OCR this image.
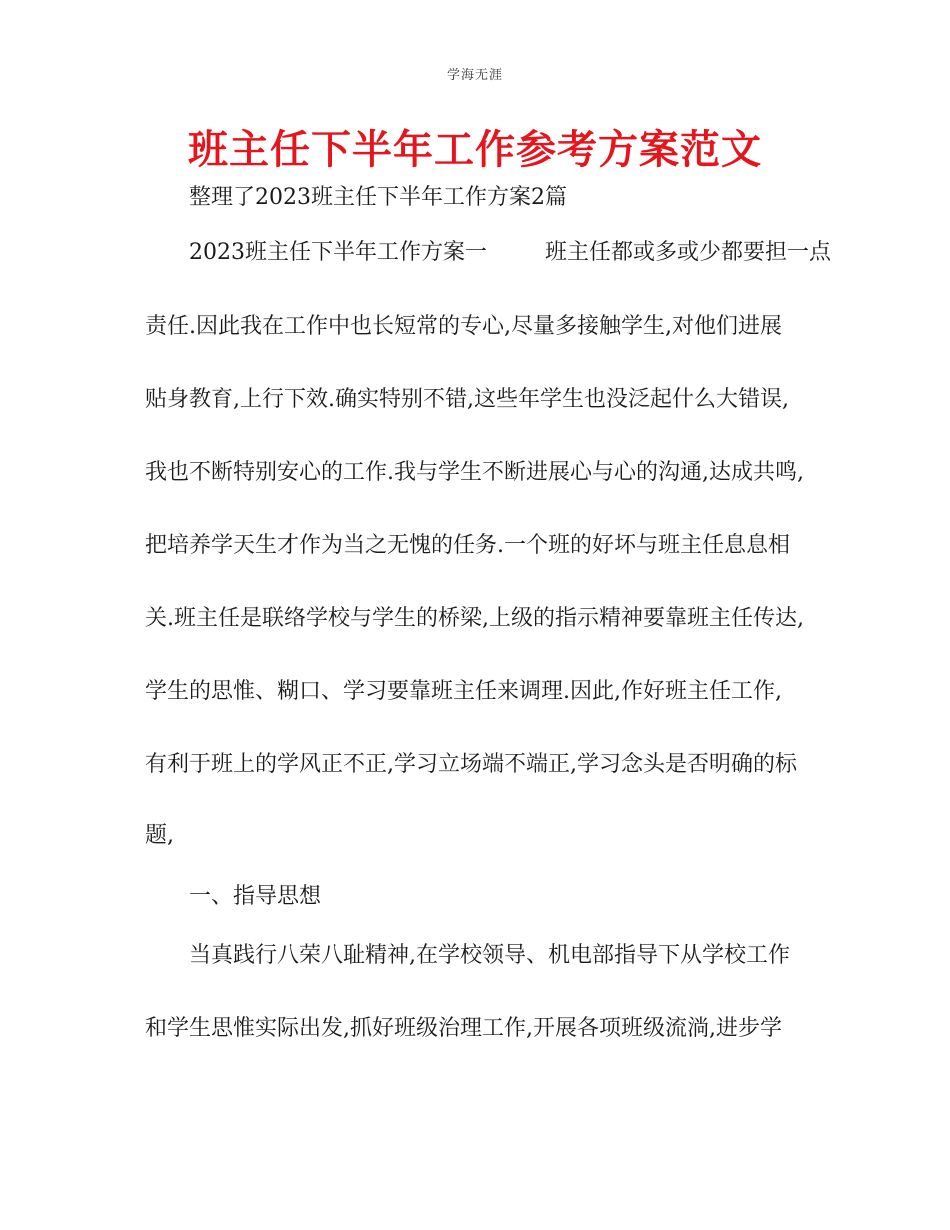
学海无涯
班主任下半年工作参考方案范文
整理了2023班主任下半年工作方案2篇
2023班主任下半年工作方案一	班主任都或多或少都要担一点
责任.因此我在工作中也长短常的专心,尽量多接触学生,对他们进展
贴身教育,上行下效.确实特别不错,这些年学生也没泛起什么大错误,
我也不断特别安心的工作.我与学生不断进展心与心的沟通,达成共鸣,
把培养学天生才作为当之无愧的任务.一个班的好坏与班主任息息相
关.班主任是联络学校与学生的桥梁,上级的指示精神要靠班主任传达,
学生的思惟、糊口、学习要靠班主任来调理.因此,作好班主任工作,
有利于班上的学风正不正,学习立场端不端正,学习念头是否明确的标
题,
一、指导思想
当真践行八荣八耻精神,在学校领导、机电部指导下从学校工作
和学生思惟实际出发,抓好班级治理工作,开展各项班级流淌,进步学
